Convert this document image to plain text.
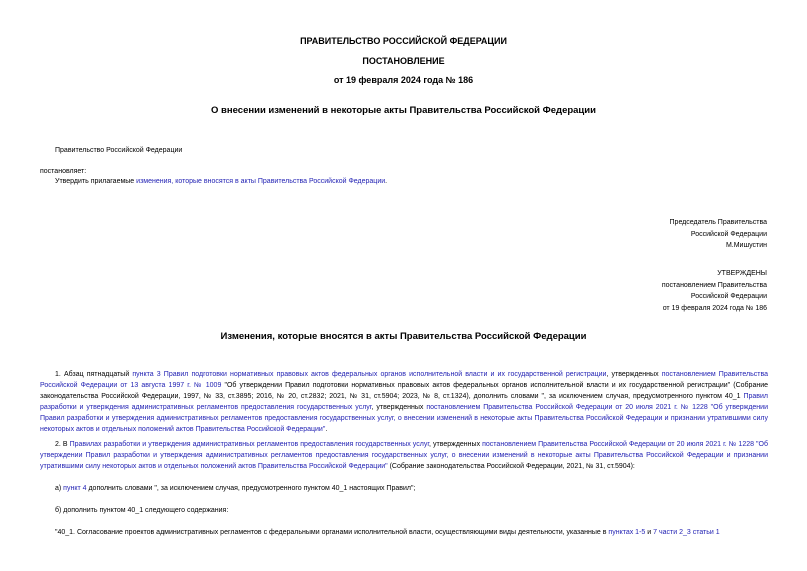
ПРАВИТЕЛЬСТВО РОССИЙСКОЙ ФЕДЕРАЦИИ
ПОСТАНОВЛЕНИЕ
от 19 февраля 2024 года № 186
О внесении изменений в некоторые акты Правительства Российской Федерации
Правительство Российской Федерации
постановляет:
Утвердить прилагаемые изменения, которые вносятся в акты Правительства Российской Федерации.
Председатель Правительства
Российской Федерации
М.Мишустин
УТВЕРЖДЕНЫ
постановлением Правительства
Российской Федерации
от 19 февраля 2024 года № 186
Изменения, которые вносятся в акты Правительства Российской Федерации
1. Абзац пятнадцатый пункта 3 Правил подготовки нормативных правовых актов федеральных органов исполнительной власти и их государственной регистрации, утвержденных постановлением Правительства Российской Федерации от 13 августа 1997 г. № 1009 "Об утверждении Правил подготовки нормативных правовых актов федеральных органов исполнительной власти и их государственной регистрации" (Собрание законодательства Российской Федерации, 1997, № 33, ст.3895; 2016, № 20, ст.2832; 2021, № 31, ст.5904; 2023, № 8, ст.1324), дополнить словами ", за исключением случая, предусмотренного пунктом 40_1 Правил разработки и утверждения административных регламентов предоставления государственных услуг, утвержденных постановлением Правительства Российской Федерации от 20 июля 2021 г. № 1228 "Об утверждении Правил разработки и утверждения административных регламентов предоставления государственных услуг, о внесении изменений в некоторые акты Правительства Российской Федерации и признании утратившими силу некоторых актов и отдельных положений актов Правительства Российской Федерации".
2. В Правилах разработки и утверждения административных регламентов предоставления государственных услуг, утвержденных постановлением Правительства Российской Федерации от 20 июля 2021 г. № 1228 "Об утверждении Правил разработки и утверждения административных регламентов предоставления государственных услуг, о внесении изменений в некоторые акты Правительства Российской Федерации и признании утратившими силу некоторых актов и отдельных положений актов Правительства Российской Федерации" (Собрание законодательства Российской Федерации, 2021, № 31, ст.5904):
а) пункт 4 дополнить словами ", за исключением случая, предусмотренного пунктом 40_1 настоящих Правил";
б) дополнить пунктом 40_1 следующего содержания:
"40_1. Согласование проектов административных регламентов с федеральными органами исполнительной власти, осуществляющими виды деятельности, указанные в пунктах 1-5 и 7 части 2_3 статьи 1
